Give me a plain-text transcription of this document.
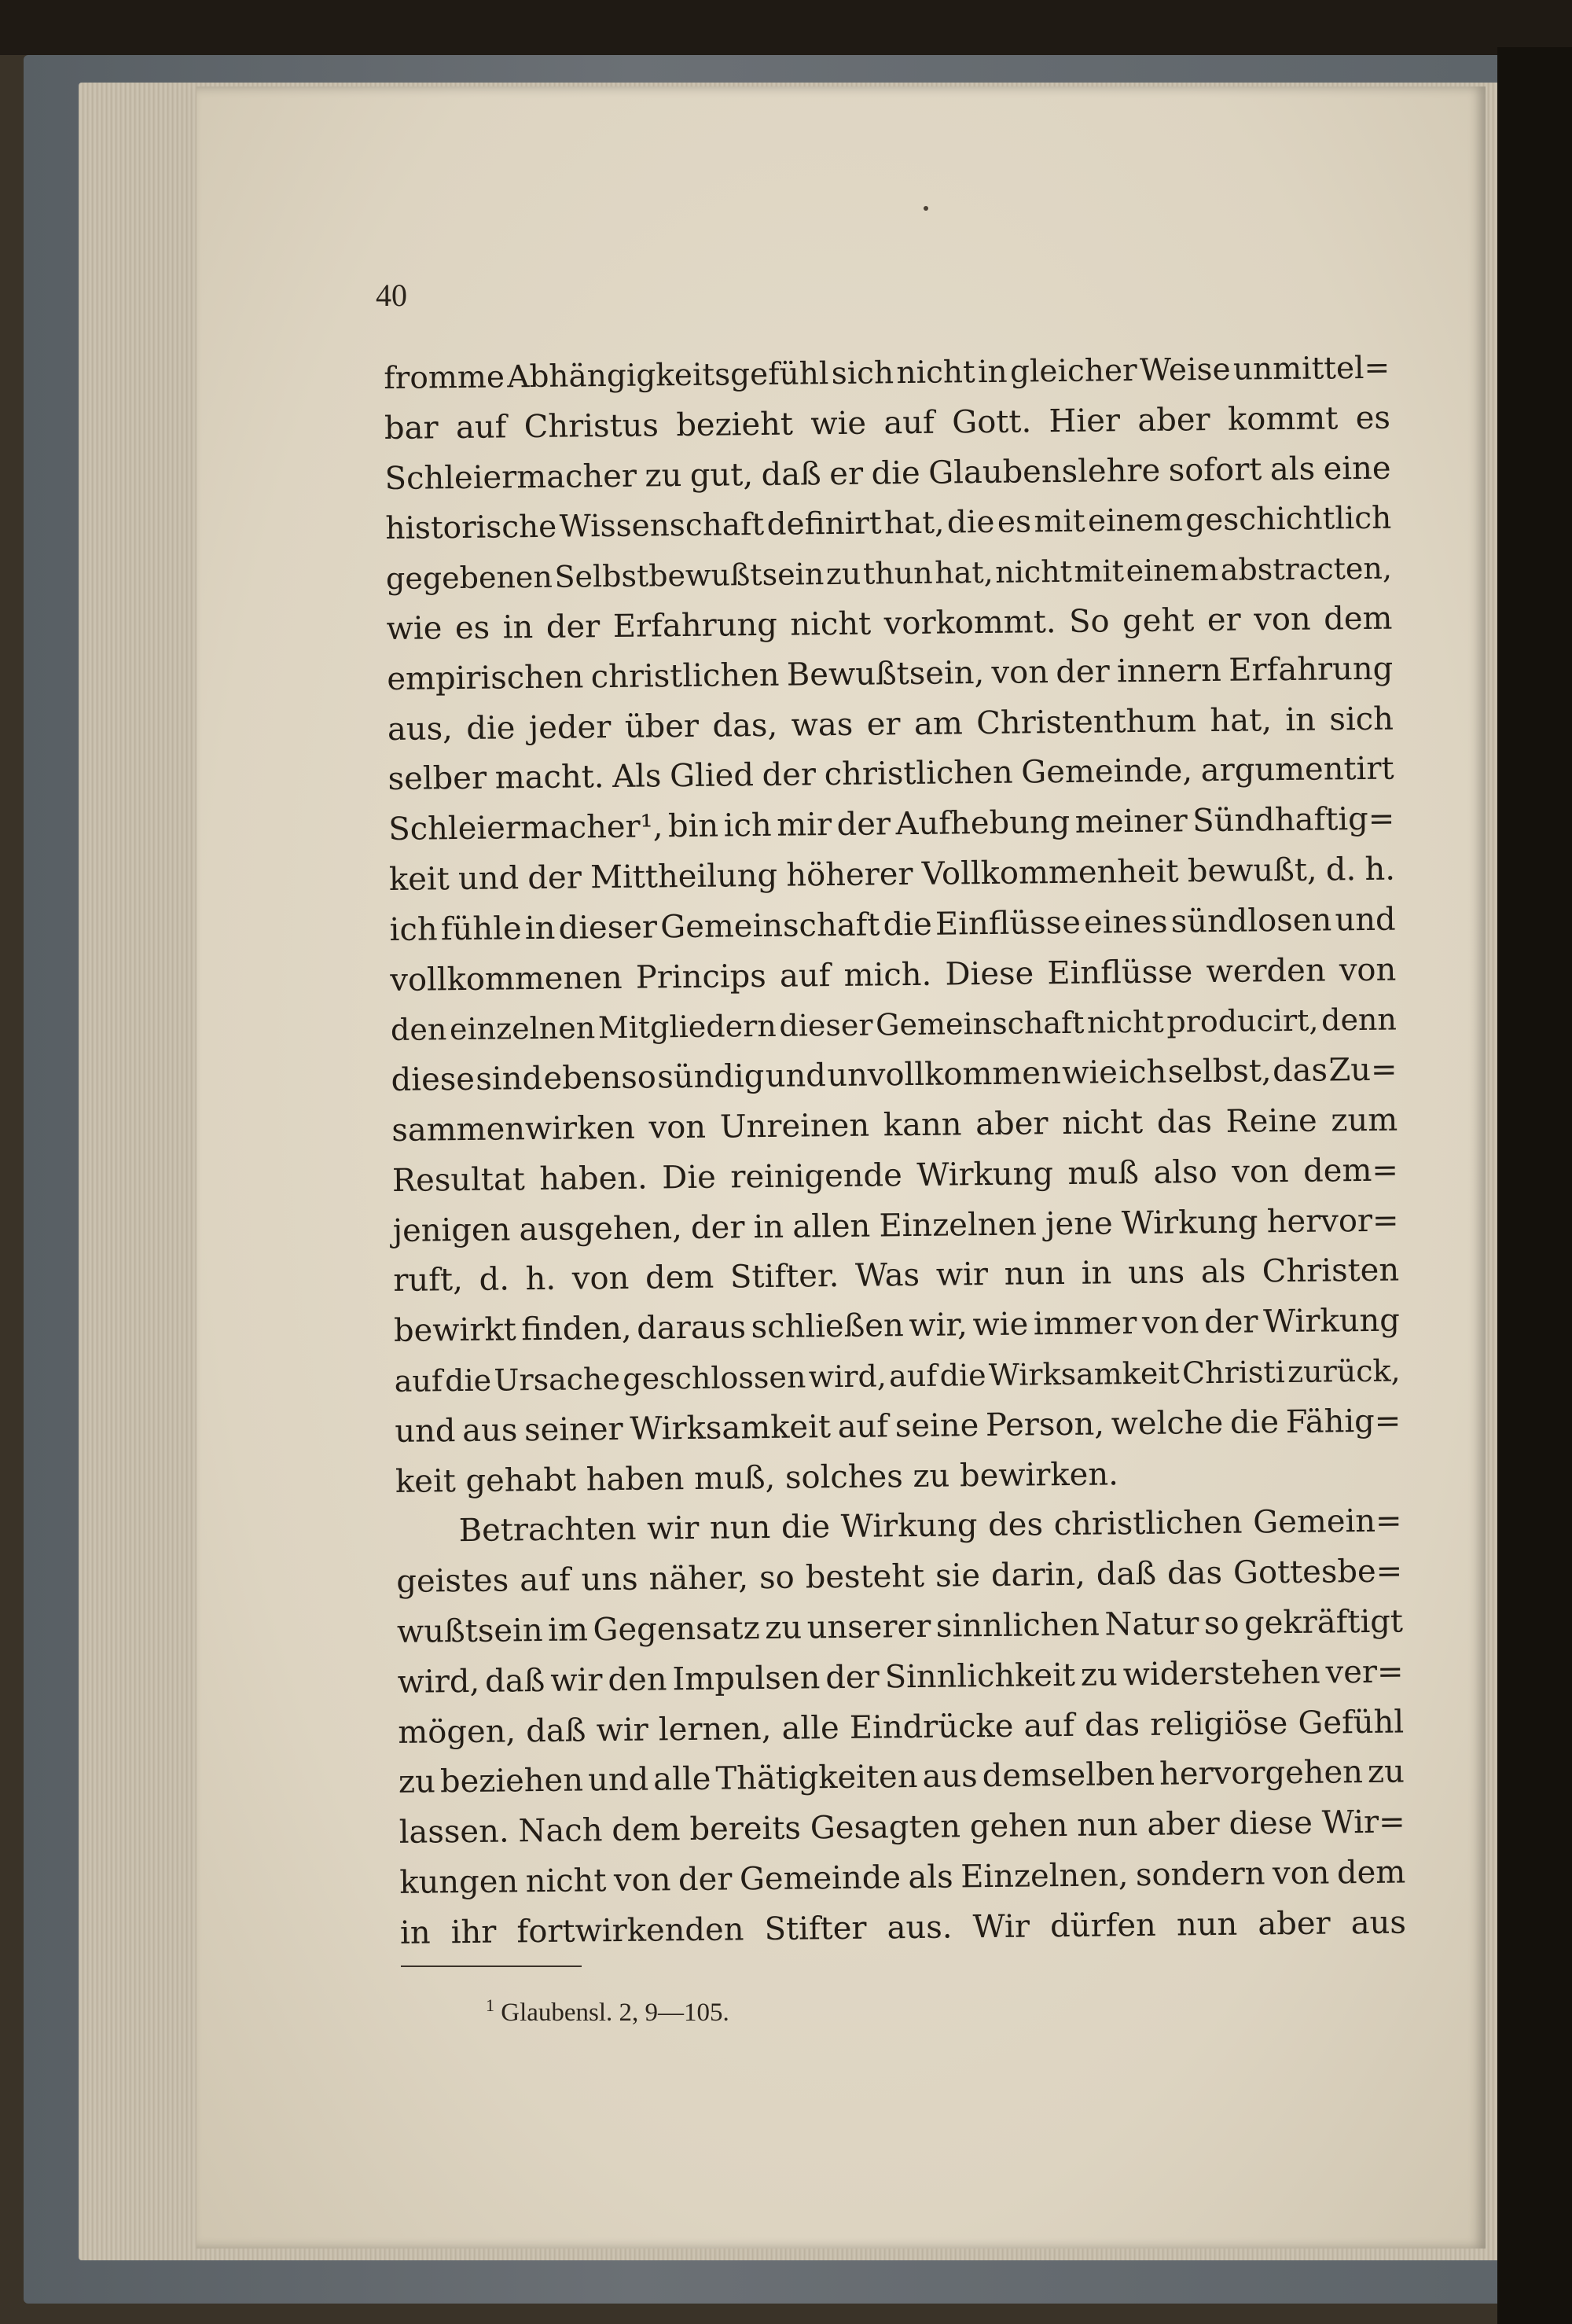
40
fromme Abhängigkeitsgefühl sich nicht in gleicher Weise unmittel=
bar auf Christus bezieht wie auf Gott. Hier aber kommt es
Schleiermacher zu gut, daß er die Glaubenslehre sofort als eine
historische Wissenschaft definirt hat, die es mit einem geschichtlich
gegebenen Selbstbewußtsein zu thun hat, nicht mit einem abstracten,
wie es in der Erfahrung nicht vorkommt. So geht er von dem
empirischen christlichen Bewußtsein, von der innern Erfahrung
aus, die jeder über das, was er am Christenthum hat, in sich
selber macht. Als Glied der christlichen Gemeinde, argumentirt
Schleiermacher¹, bin ich mir der Aufhebung meiner Sündhaftig=
keit und der Mittheilung höherer Vollkommenheit bewußt, d. h.
ich fühle in dieser Gemeinschaft die Einflüsse eines sündlosen und
vollkommenen Princips auf mich. Diese Einflüsse werden von
den einzelnen Mitgliedern dieser Gemeinschaft nicht producirt, denn
diese sind ebenso sündig und unvollkommen wie ich selbst, das Zu=
sammenwirken von Unreinen kann aber nicht das Reine zum
Resultat haben. Die reinigende Wirkung muß also von dem=
jenigen ausgehen, der in allen Einzelnen jene Wirkung hervor=
ruft, d. h. von dem Stifter. Was wir nun in uns als Christen
bewirkt finden, daraus schließen wir, wie immer von der Wirkung
auf die Ursache geschlossen wird, auf die Wirksamkeit Christi zurück,
und aus seiner Wirksamkeit auf seine Person, welche die Fähig=
keit gehabt haben muß, solches zu bewirken.
Betrachten wir nun die Wirkung des christlichen Gemein=
geistes auf uns näher, so besteht sie darin, daß das Gottesbe=
wußtsein im Gegensatz zu unserer sinnlichen Natur so gekräftigt
wird, daß wir den Impulsen der Sinnlichkeit zu widerstehen ver=
mögen, daß wir lernen, alle Eindrücke auf das religiöse Gefühl
zu beziehen und alle Thätigkeiten aus demselben hervorgehen zu
lassen. Nach dem bereits Gesagten gehen nun aber diese Wir=
kungen nicht von der Gemeinde als Einzelnen, sondern von dem
in ihr fortwirkenden Stifter aus. Wir dürfen nun aber aus
$^1$ Glaubensl. 2, 9—105.
